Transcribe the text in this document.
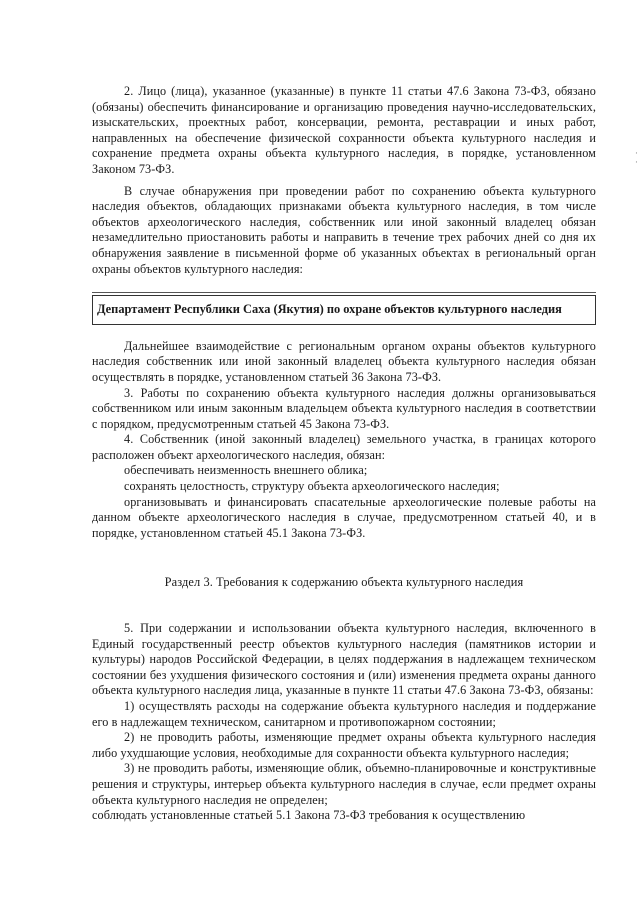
2. Лицо (лица), указанное (указанные) в пункте 11 статьи 47.6 Закона 73-ФЗ, обязано (обязаны) обеспечить финансирование и организацию проведения научно-исследовательских, изыскательских, проектных работ, консервации, ремонта, реставрации и иных работ, направленных на обеспечение физической сохранности объекта культурного наследия и сохранение предмета охраны объекта культурного наследия, в порядке, установленном Законом 73-ФЗ.

В случае обнаружения при проведении работ по сохранению объекта культурного наследия объектов, обладающих признаками объекта культурного наследия, в том числе объектов археологического наследия, собственник или иной законный владелец обязан незамедлительно приостановить работы и направить в течение трех рабочих дней со дня их обнаружения заявление в письменной форме об указанных объектах в региональный орган охраны объектов культурного наследия:

Департамент Республики Саха (Якутия) по охране объектов культурного наследия

Дальнейшее взаимодействие с региональным органом охраны объектов культурного наследия собственник или иной законный владелец объекта культурного наследия обязан осуществлять в порядке, установленном статьей 36 Закона 73-ФЗ.

3. Работы по сохранению объекта культурного наследия должны организовываться собственником или иным законным владельцем объекта культурного наследия в соответствии с порядком, предусмотренным статьей 45 Закона 73-ФЗ.

4. Собственник (иной законный владелец) земельного участка, в границах которого расположен объект археологического наследия, обязан:

обеспечивать неизменность внешнего облика;

сохранять целостность, структуру объекта археологического наследия;

организовывать и финансировать спасательные археологические полевые работы на данном объекте археологического наследия в случае, предусмотренном статьей 40, и в порядке, установленном статьей 45.1 Закона 73-ФЗ.

Раздел 3. Требования к содержанию объекта культурного наследия

5. При содержании и использовании объекта культурного наследия, включенного в Единый государственный реестр объектов культурного наследия (памятников истории и культуры) народов Российской Федерации, в целях поддержания в надлежащем техническом состоянии без ухудшения физического состояния и (или) изменения предмета охраны данного объекта культурного наследия лица, указанные в пункте 11 статьи 47.6 Закона 73-ФЗ, обязаны:

1) осуществлять расходы на содержание объекта культурного наследия и поддержание его в надлежащем техническом, санитарном и противопожарном состоянии;

2) не проводить работы, изменяющие предмет охраны объекта культурного наследия либо ухудшающие условия, необходимые для сохранности объекта культурного наследия;

3) не проводить работы, изменяющие облик, объемно-планировочные и конструктивные решения и структуры, интерьер объекта культурного наследия в случае, если предмет охраны объекта культурного наследия не определен;

соблюдать установленные статьей 5.1 Закона 73-ФЗ требования к осуществлению

·
·
